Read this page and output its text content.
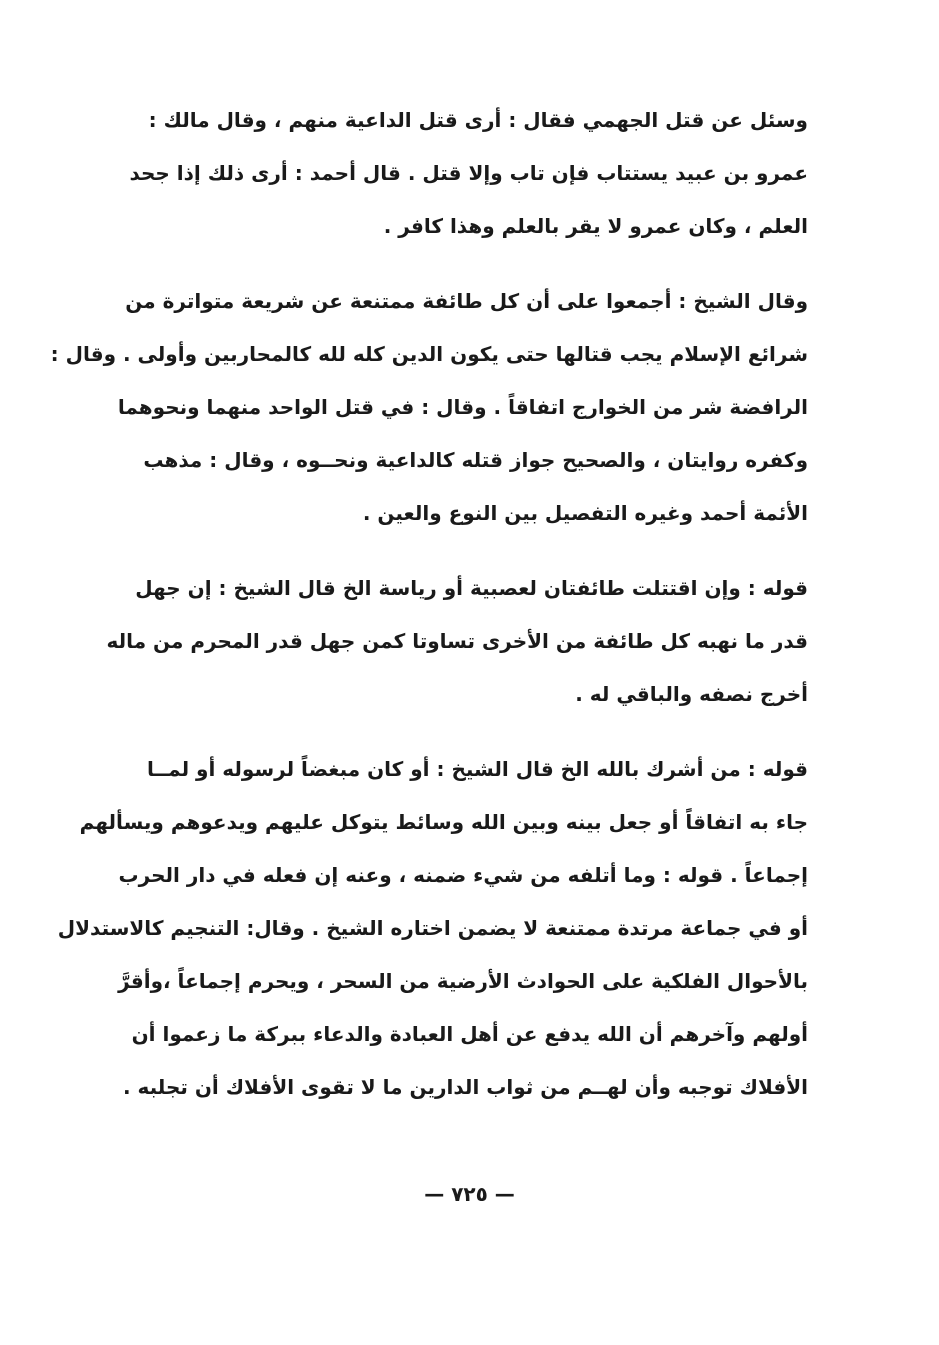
وسئل عن قتل الجهمي فقال : أرى قتل الداعية منهم ، وقال مالك :
عمرو بن عبيد يستتاب فإن تاب وإلا قتل . قال أحمد : أرى ذلك إذا جحد
العلم ، وكان عمرو لا يقر بالعلم وهذا كافر .

وقال الشيخ : أجمعوا على أن كل طائفة ممتنعة عن شريعة متواترة من
شرائع الإسلام يجب قتالها حتى يكون الدين كله لله كالمحاربين وأولى . وقال :
الرافضة شر من الخوارج اتفاقاً . وقال : في قتل الواحد منهما ونحوهما
وكفره روايتان ، والصحيح جواز قتله كالداعية ونحــوه ، وقال : مذهب
الأئمة أحمد وغيره التفصيل بين النوع والعين .

قوله : وإن اقتتلت طائفتان لعصبية أو رياسة الخ قال الشيخ : إن جهل
قدر ما نهبه كل طائفة من الأخرى تساوتا كمن جهل قدر المحرم من ماله
أخرج نصفه والباقي له .

قوله : من أشرك بالله الخ قال الشيخ : أو كان مبغضاً لرسوله أو لمــا
جاء به اتفاقاً أو جعل بينه وبين الله وسائط يتوكل عليهم ويدعوهم ويسألهم
إجماعاً . قوله : وما أتلفه من شيء ضمنه ، وعنه إن فعله في دار الحرب
أو في جماعة مرتدة ممتنعة لا يضمن اختاره الشيخ . وقال: التنجيم كالاستدلال
بالأحوال الفلكية على الحوادث الأرضية من السحر ، ويحرم إجماعاً ،وأقرَّ
أولهم وآخرهم أن الله يدفع عن أهل العبادة والدعاء ببركة ما زعموا أن
الأفلاك توجبه وأن لهــم من ثواب الدارين ما لا تقوى الأفلاك أن تجلبه .

— ٧٢٥ —
